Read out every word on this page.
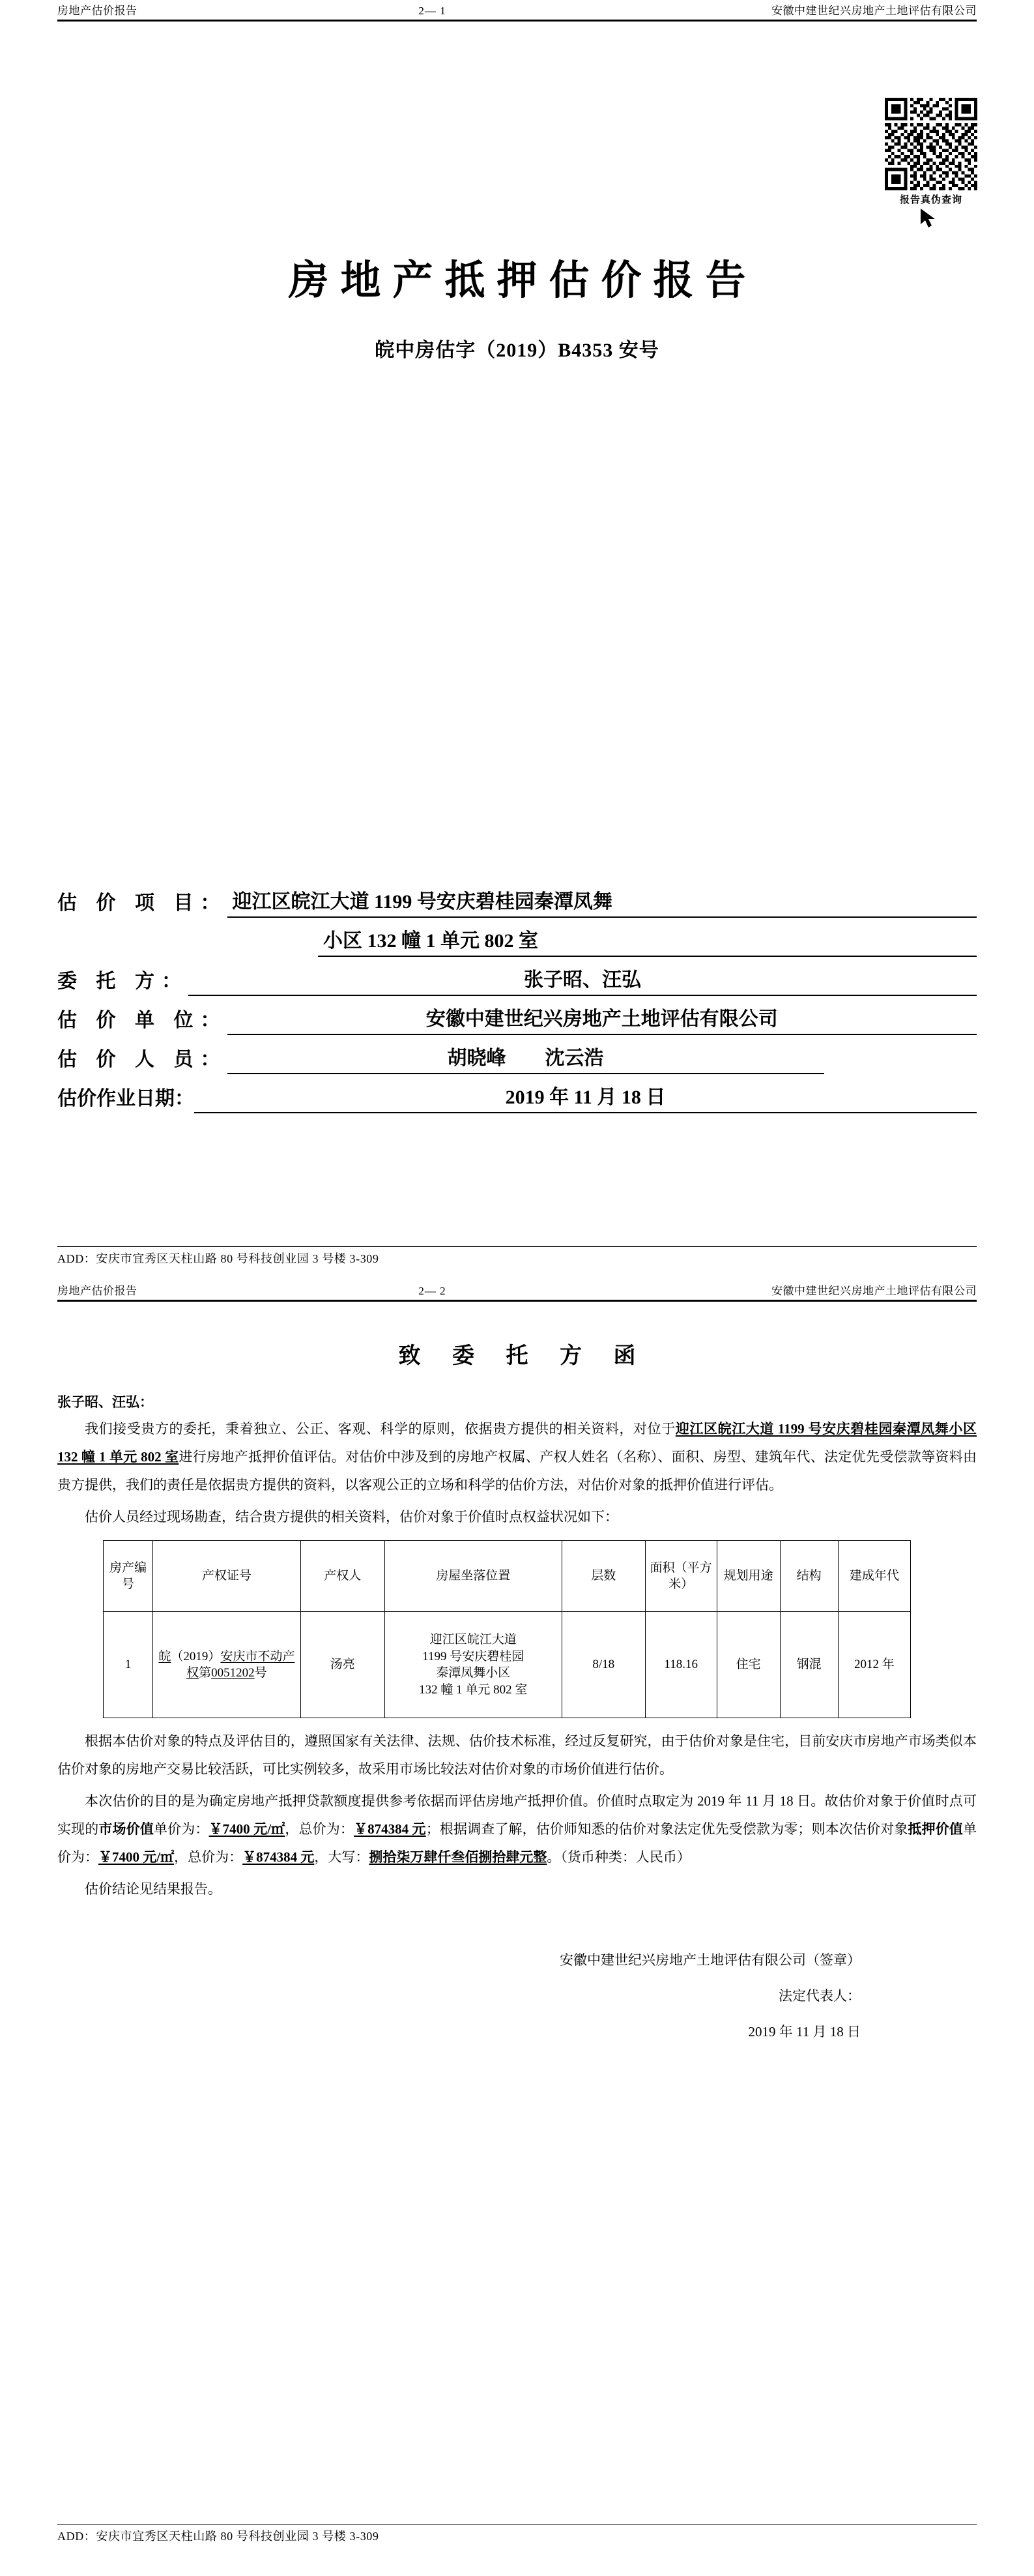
房地产估价报告	2— 1	安徽中建世纪兴房地产土地评估有限公司
报告真伪查询
房地产抵押估价报告
皖中房估字（2019）B4353 安号
估 价 项 目： 迎江区皖江大道 1199 号安庆碧桂园秦潭凤舞
小区 132 幢 1 单元 802 室
委 托 方：	张子昭、汪弘
估 价 单 位：	安徽中建世纪兴房地产土地评估有限公司
估 价 人 员：	胡晓峰　　沈云浩
估价作业日期：	2019 年 11 月 18 日
ADD：安庆市宜秀区天柱山路 80 号科技创业园 3 号楼 3-309
房地产估价报告	2— 2	安徽中建世纪兴房地产土地评估有限公司
致 委 托 方 函
张子昭、汪弘：

我们接受贵方的委托，秉着独立、公正、客观、科学的原则，依据贵方提供的相关资料，对位于迎江区皖江大道 1199 号安庆碧桂园秦潭凤舞小区 132 幢 1 单元 802 室进行房地产抵押价值评估。对估价中涉及到的房地产权属、产权人姓名（名称）、面积、房型、建筑年代、法定优先受偿款等资料由贵方提供，我们的责任是依据贵方提供的资料，以客观公正的立场和科学的估价方法，对估价对象的抵押价值进行评估。

估价人员经过现场勘查，结合贵方提供的相关资料，估价对象于价值时点权益状况如下：

房产编号	产权证号	产权人	房屋坐落位置	层数	面积（平方米）	规划用途	结构	建成年代
1	皖（2019）安庆市不动产权第0051202号	汤亮	迎江区皖江大道
1199 号安庆碧桂园
秦潭凤舞小区
132 幢 1 单元 802 室	8/18	118.16	住宅	钢混	2012 年

根据本估价对象的特点及评估目的，遵照国家有关法律、法规、估价技术标准，经过反复研究，由于估价对象是住宅，目前安庆市房地产市场类似本估价对象的房地产交易比较活跃，可比实例较多，故采用市场比较法对估价对象的市场价值进行估价。

本次估价的目的是为确定房地产抵押贷款额度提供参考依据而评估房地产抵押价值。价值时点取定为 2019 年 11 月 18 日。故估价对象于价值时点可实现的市场价值单价为：￥7400 元/㎡，总价为：￥874384 元；根据调查了解，估价师知悉的估价对象法定优先受偿款为零；则本次估价对象抵押价值单价为：￥7400 元/㎡，总价为：￥874384 元，大写：捌拾柒万肆仟叁佰捌拾肆元整。（货币种类：人民币）

估价结论见结果报告。

安徽中建世纪兴房地产土地评估有限公司（签章）
法定代表人：
2019 年 11 月 18 日
ADD：安庆市宜秀区天柱山路 80 号科技创业园 3 号楼 3-309
